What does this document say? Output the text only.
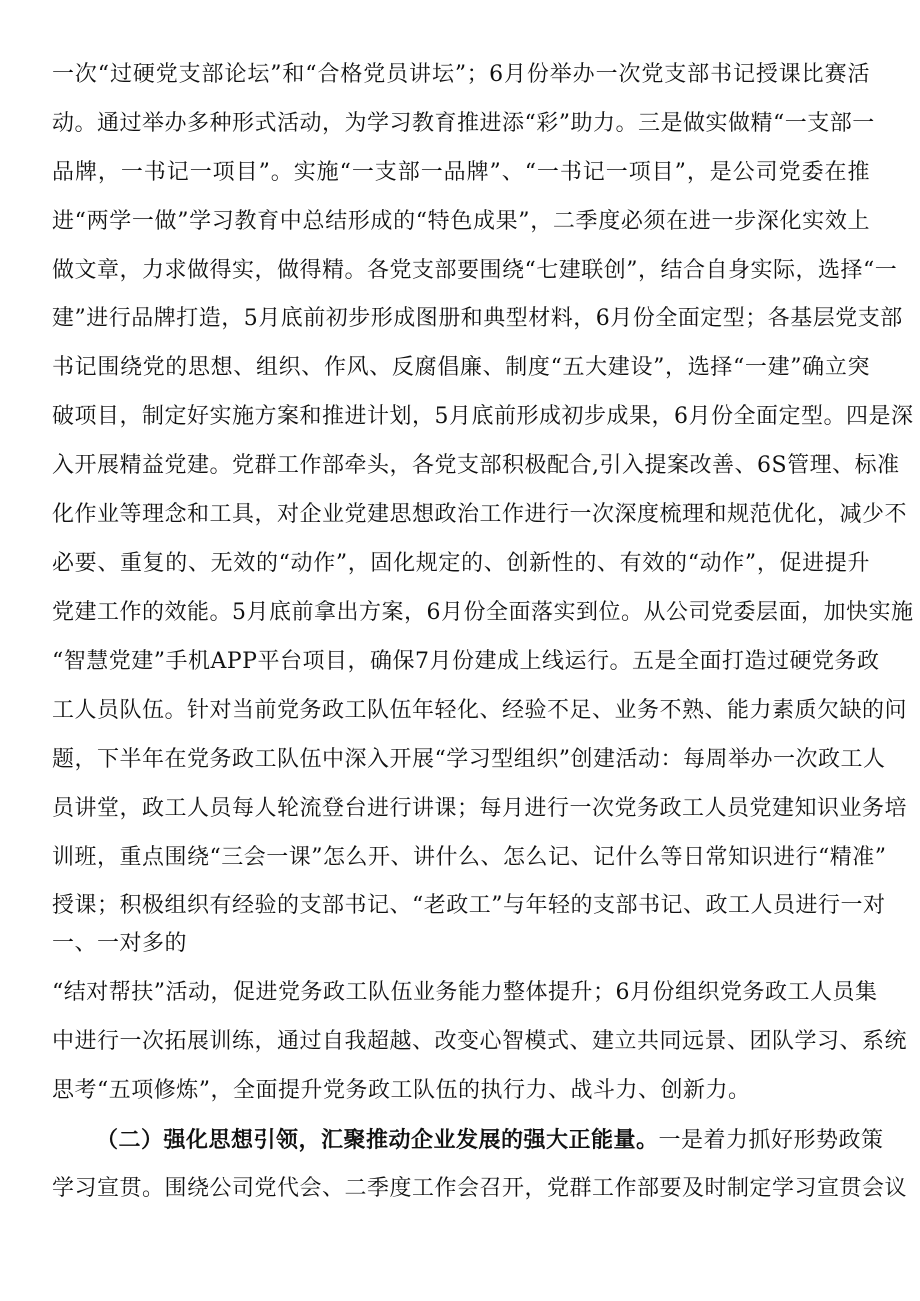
一次“过硬党支部论坛”和“合格党员讲坛”；6月份举办一次党支部书记授课比赛活
动。通过举办多种形式活动，为学习教育推进添“彩”助力。三是做实做精“一支部一
品牌，一书记一项目”。实施“一支部一品牌”、“一书记一项目”，是公司党委在推
进“两学一做”学习教育中总结形成的“特色成果”，二季度必须在进一步深化实效上
做文章，力求做得实，做得精。各党支部要围绕“七建联创”，结合自身实际，选择“一
建”进行品牌打造，5月底前初步形成图册和典型材料，6月份全面定型；各基层党支部
书记围绕党的思想、组织、作风、反腐倡廉、制度“五大建设”，选择“一建”确立突
破项目，制定好实施方案和推进计划，5月底前形成初步成果，6月份全面定型。四是深
入开展精益党建。党群工作部牵头，各党支部积极配合,引入提案改善、6S管理、标准
化作业等理念和工具，对企业党建思想政治工作进行一次深度梳理和规范优化，减少不
必要、重复的、无效的“动作”，固化规定的、创新性的、有效的“动作”，促进提升
党建工作的效能。5月底前拿出方案，6月份全面落实到位。从公司党委层面，加快实施
“智慧党建”手机APP平台项目，确保7月份建成上线运行。五是全面打造过硬党务政
工人员队伍。针对当前党务政工队伍年轻化、经验不足、业务不熟、能力素质欠缺的问
题，下半年在党务政工队伍中深入开展“学习型组织”创建活动：每周举办一次政工人
员讲堂，政工人员每人轮流登台进行讲课；每月进行一次党务政工人员党建知识业务培
训班，重点围绕“三会一课”怎么开、讲什么、怎么记、记什么等日常知识进行“精准”
授课；积极组织有经验的支部书记、“老政工”与年轻的支部书记、政工人员进行一对
一、一对多的
“结对帮扶”活动，促进党务政工队伍业务能力整体提升；6月份组织党务政工人员集
中进行一次拓展训练，通过自我超越、改变心智模式、建立共同远景、团队学习、系统
思考“五项修炼”，全面提升党务政工队伍的执行力、战斗力、创新力。
（二）强化思想引领，汇聚推动企业发展的强大正能量。一是着力抓好形势政策
学习宣贯。围绕公司党代会、二季度工作会召开，党群工作部要及时制定学习宣贯会议
